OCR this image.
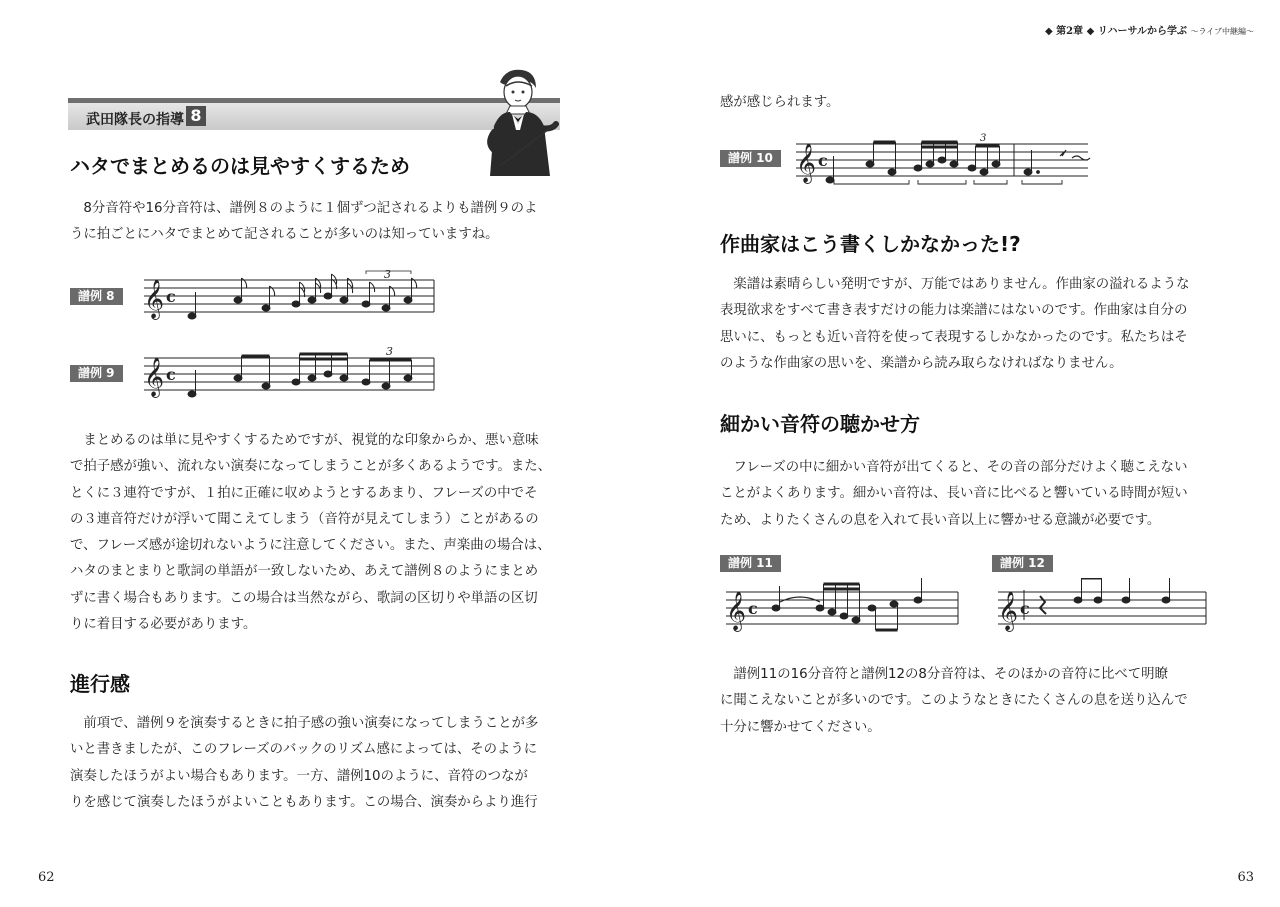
武田隊長の指導 8
ハタでまとめるのは見やすくするため
　8分音符や16分音符は、譜例８のように１個ずつ記されるよりも譜例９のよ
うに拍ごとにハタでまとめて記されることが多いのは知っていますね。
譜例 8 𝄞 c
3
譜例 9 𝄞 c
3
　まとめるのは単に見やすくするためですが、視覚的な印象からか、悪い意味
で拍子感が強い、流れない演奏になってしまうことが多くあるようです。また、
とくに３連符ですが、１拍に正確に収めようとするあまり、フレーズの中でそ
の３連音符だけが浮いて聞こえてしまう（音符が見えてしまう）ことがあるの
で、フレーズ感が途切れないように注意してください。また、声楽曲の場合は、
ハタのまとまりと歌詞の単語が一致しないため、あえて譜例８のようにまとめ
ずに書く場合もあります。この場合は当然ながら、歌詞の区切りや単語の区切
りに着目する必要があります。
進行感
　前項で、譜例９を演奏するときに拍子感の強い演奏になってしまうことが多
いと書きましたが、このフレーズのバックのリズム感によっては、そのように
演奏したほうがよい場合もあります。一方、譜例10のように、音符のつなが
りを感じて演奏したほうがよいこともあります。この場合、演奏からより進行
62
◆ 第2章 ◆ リハーサルから学ぶ ～ライブ中継編～
感が感じられます。
譜例 10 𝄞 c
3
作曲家はこう書くしかなかった!?
　楽譜は素晴らしい発明ですが、万能ではありません。作曲家の溢れるような
表現欲求をすべて書き表すだけの能力は楽譜にはないのです。作曲家は自分の
思いに、もっとも近い音符を使って表現するしかなかったのです。私たちはそ
のような作曲家の思いを、楽譜から読み取らなければなりません。
細かい音符の聴かせ方
　フレーズの中に細かい音符が出てくると、その音の部分だけよく聴こえない
ことがよくあります。細かい音符は、長い音に比べると響いている時間が短い
ため、よりたくさんの息を入れて長い音以上に響かせる意識が必要です。
譜例 11
𝄞 c
譜例 12
𝄞 c
　譜例11の16分音符と譜例12の8分音符は、そのほかの音符に比べて明瞭
に聞こえないことが多いのです。このようなときにたくさんの息を送り込んで
十分に響かせてください。
63
